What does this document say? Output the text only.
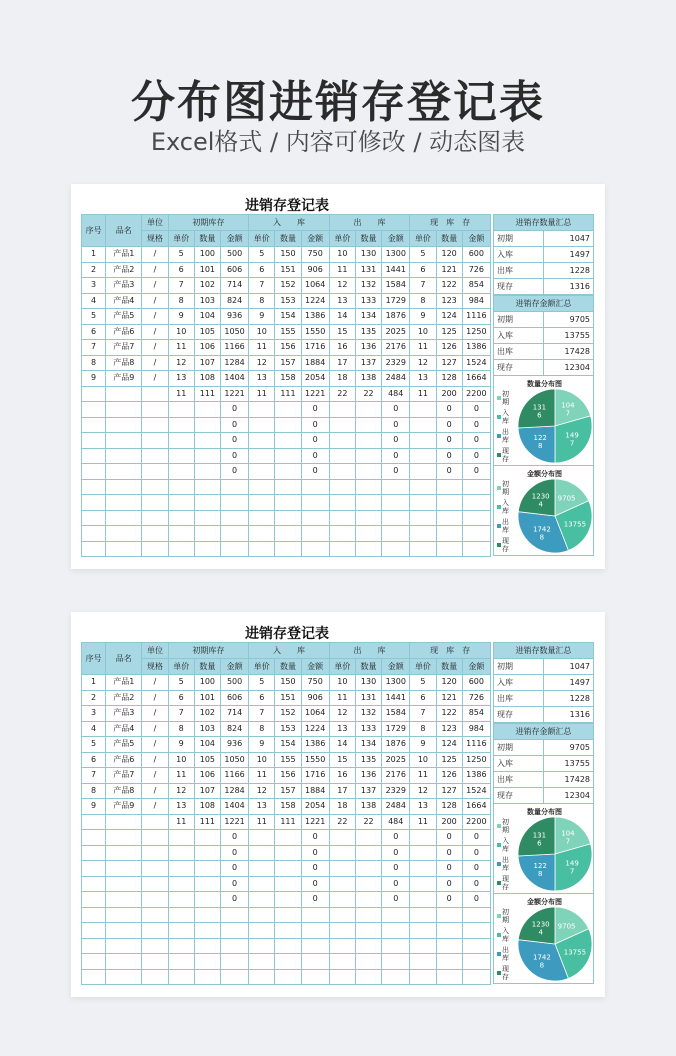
分布图进销存登记表
Excel格式 / 内容可修改 / 动态图表
进销存登记表
序号	品名	单位	初期库存			入　　库			出　　库			现　库　存		
		规格	单价	数量	金额	单价	数量	金额	单价	数量	金额	单价	数量	金额
1	产品1	/	5	100	500	5	150	750	10	130	1300	5	120	600
2	产品2	/	6	101	606	6	151	906	11	131	1441	6	121	726
3	产品3	/	7	102	714	7	152	1064	12	132	1584	7	122	854
4	产品4	/	8	103	824	8	153	1224	13	133	1729	8	123	984
5	产品5	/	9	104	936	9	154	1386	14	134	1876	9	124	1116
6	产品6	/	10	105	1050	10	155	1550	15	135	2025	10	125	1250
7	产品7	/	11	106	1166	11	156	1716	16	136	2176	11	126	1386
8	产品8	/	12	107	1284	12	157	1884	17	137	2329	12	127	1524
9	产品9	/	13	108	1404	13	158	2054	18	138	2484	13	128	1664
			11	111	1221	11	111	1221	22	22	484	11	200	2200
					0			0			0		0	0
					0			0			0		0	0
					0			0			0		0	0
					0			0			0		0	0
					0			0			0		0	0

进销存数量汇总	
初期	1047
入库	1497
出库	1228
现存	1316
进销存金额汇总	
初期	9705
入库	13755
出库	17428
现存	12304
数量分布图
初期
入库
出库
现存
104 7
149 7
122 8
131 6
金额分布图
初期
入库
出库
现存
9705
13755
1742 8
1230 4
进销存登记表
序号	品名	单位	初期库存			入　　库			出　　库			现　库　存		
		规格	单价	数量	金额	单价	数量	金额	单价	数量	金额	单价	数量	金额
1	产品1	/	5	100	500	5	150	750	10	130	1300	5	120	600
2	产品2	/	6	101	606	6	151	906	11	131	1441	6	121	726
3	产品3	/	7	102	714	7	152	1064	12	132	1584	7	122	854
4	产品4	/	8	103	824	8	153	1224	13	133	1729	8	123	984
5	产品5	/	9	104	936	9	154	1386	14	134	1876	9	124	1116
6	产品6	/	10	105	1050	10	155	1550	15	135	2025	10	125	1250
7	产品7	/	11	106	1166	11	156	1716	16	136	2176	11	126	1386
8	产品8	/	12	107	1284	12	157	1884	17	137	2329	12	127	1524
9	产品9	/	13	108	1404	13	158	2054	18	138	2484	13	128	1664
			11	111	1221	11	111	1221	22	22	484	11	200	2200
					0			0			0		0	0
					0			0			0		0	0
					0			0			0		0	0
					0			0			0		0	0
					0			0			0		0	0

进销存数量汇总	
初期	1047
入库	1497
出库	1228
现存	1316
进销存金额汇总	
初期	9705
入库	13755
出库	17428
现存	12304
数量分布图
初期
入库
出库
现存
104 7
149 7
122 8
131 6
金额分布图
初期
入库
出库
现存
9705
13755
1742 8
1230 4
